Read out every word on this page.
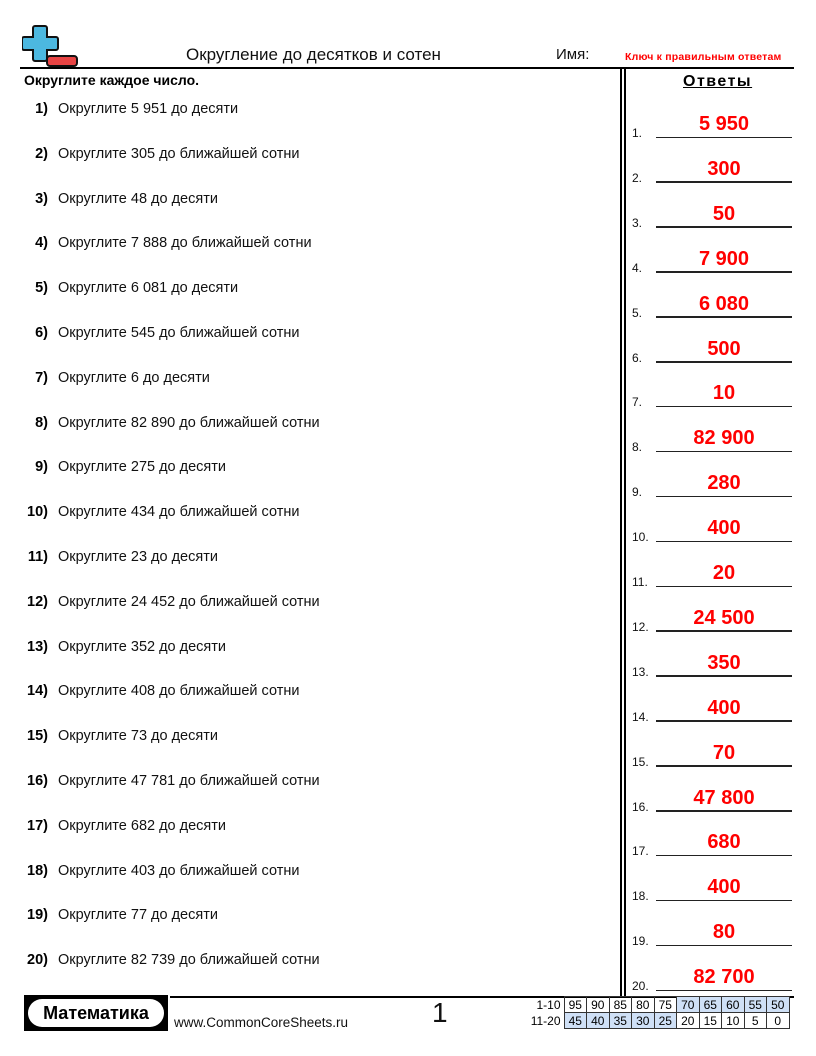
Округление до десятков и сотен	Имя:	Ключ к правильным ответам
Округлите каждое число.	Ответы
1) Округлите 5 951 до десяти
2) Округлите 305 до ближайшей сотни
3) Округлите 48 до десяти
4) Округлите 7 888 до ближайшей сотни
5) Округлите 6 081 до десяти
6) Округлите 545 до ближайшей сотни
7) Округлите 6 до десяти
8) Округлите 82 890 до ближайшей сотни
9) Округлите 275 до десяти
10) Округлите 434 до ближайшей сотни
11) Округлите 23 до десяти
12) Округлите 24 452 до ближайшей сотни
13) Округлите 352 до десяти
14) Округлите 408 до ближайшей сотни
15) Округлите 73 до десяти
16) Округлите 47 781 до ближайшей сотни
17) Округлите 682 до десяти
18) Округлите 403 до ближайшей сотни
19) Округлите 77 до десяти
20) Округлите 82 739 до ближайшей сотни
1.	5 950
2.	300
3.	50
4.	7 900
5.	6 080
6.	500
7.	10
8.	82 900
9.	280
10.	400
11.	20
12.	24 500
13.	350
14.	400
15.	70
16.	47 800
17.	680
18.	400
19.	80
20.	82 700
Математика	www.CommonCoreSheets.ru	1	1-10	95	90	85	80	75	70	65	60	55	50
11-20	45	40	35	30	25	20	15	10	5	0
